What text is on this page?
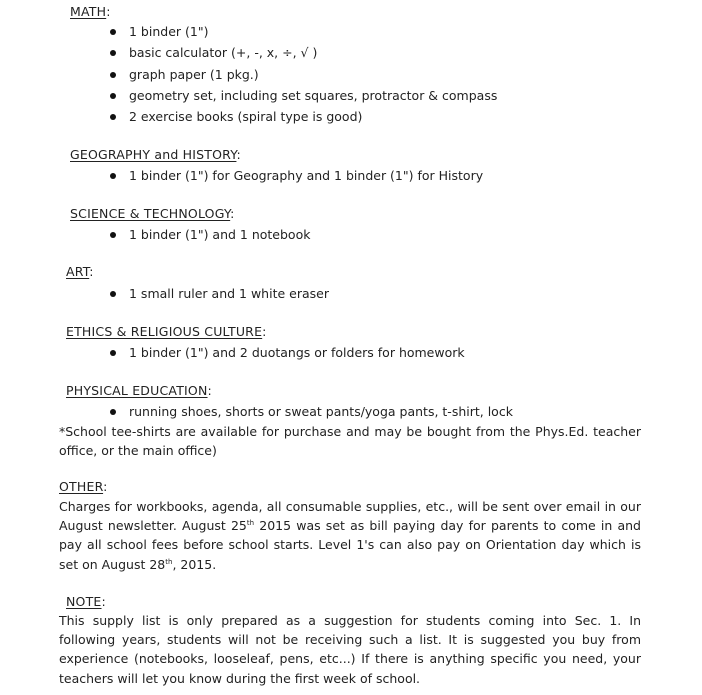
MATH:
1 binder (1")
basic calculator (+, -, x, ÷, √ )
graph paper (1 pkg.)
geometry set, including set squares, protractor & compass
2 exercise books (spiral type is good)
GEOGRAPHY and HISTORY:
1 binder (1") for Geography and 1 binder (1") for History
SCIENCE & TECHNOLOGY:
1 binder (1") and 1 notebook
ART:
1 small ruler and 1 white eraser
ETHICS & RELIGIOUS CULTURE:
1 binder (1") and 2 duotangs or folders for homework
PHYSICAL EDUCATION:
running shoes, shorts or sweat pants/yoga pants, t-shirt, lock
*School tee-shirts are available for purchase and may be bought from the Phys.Ed. teacher
office, or the main office)
OTHER:
Charges for workbooks, agenda, all consumable supplies, etc., will be sent over email in our
August newsletter. August 25th 2015 was set as bill paying day for parents to come in and
pay all school fees before school starts. Level 1's can also pay on Orientation day which is
set on August 28th, 2015.
NOTE:
This supply list is only prepared as a suggestion for students coming into Sec. 1. In
following years, students will not be receiving such a list. It is suggested you buy from
experience (notebooks, looseleaf, pens, etc...) If there is anything specific you need, your
teachers will let you know during the first week of school.
